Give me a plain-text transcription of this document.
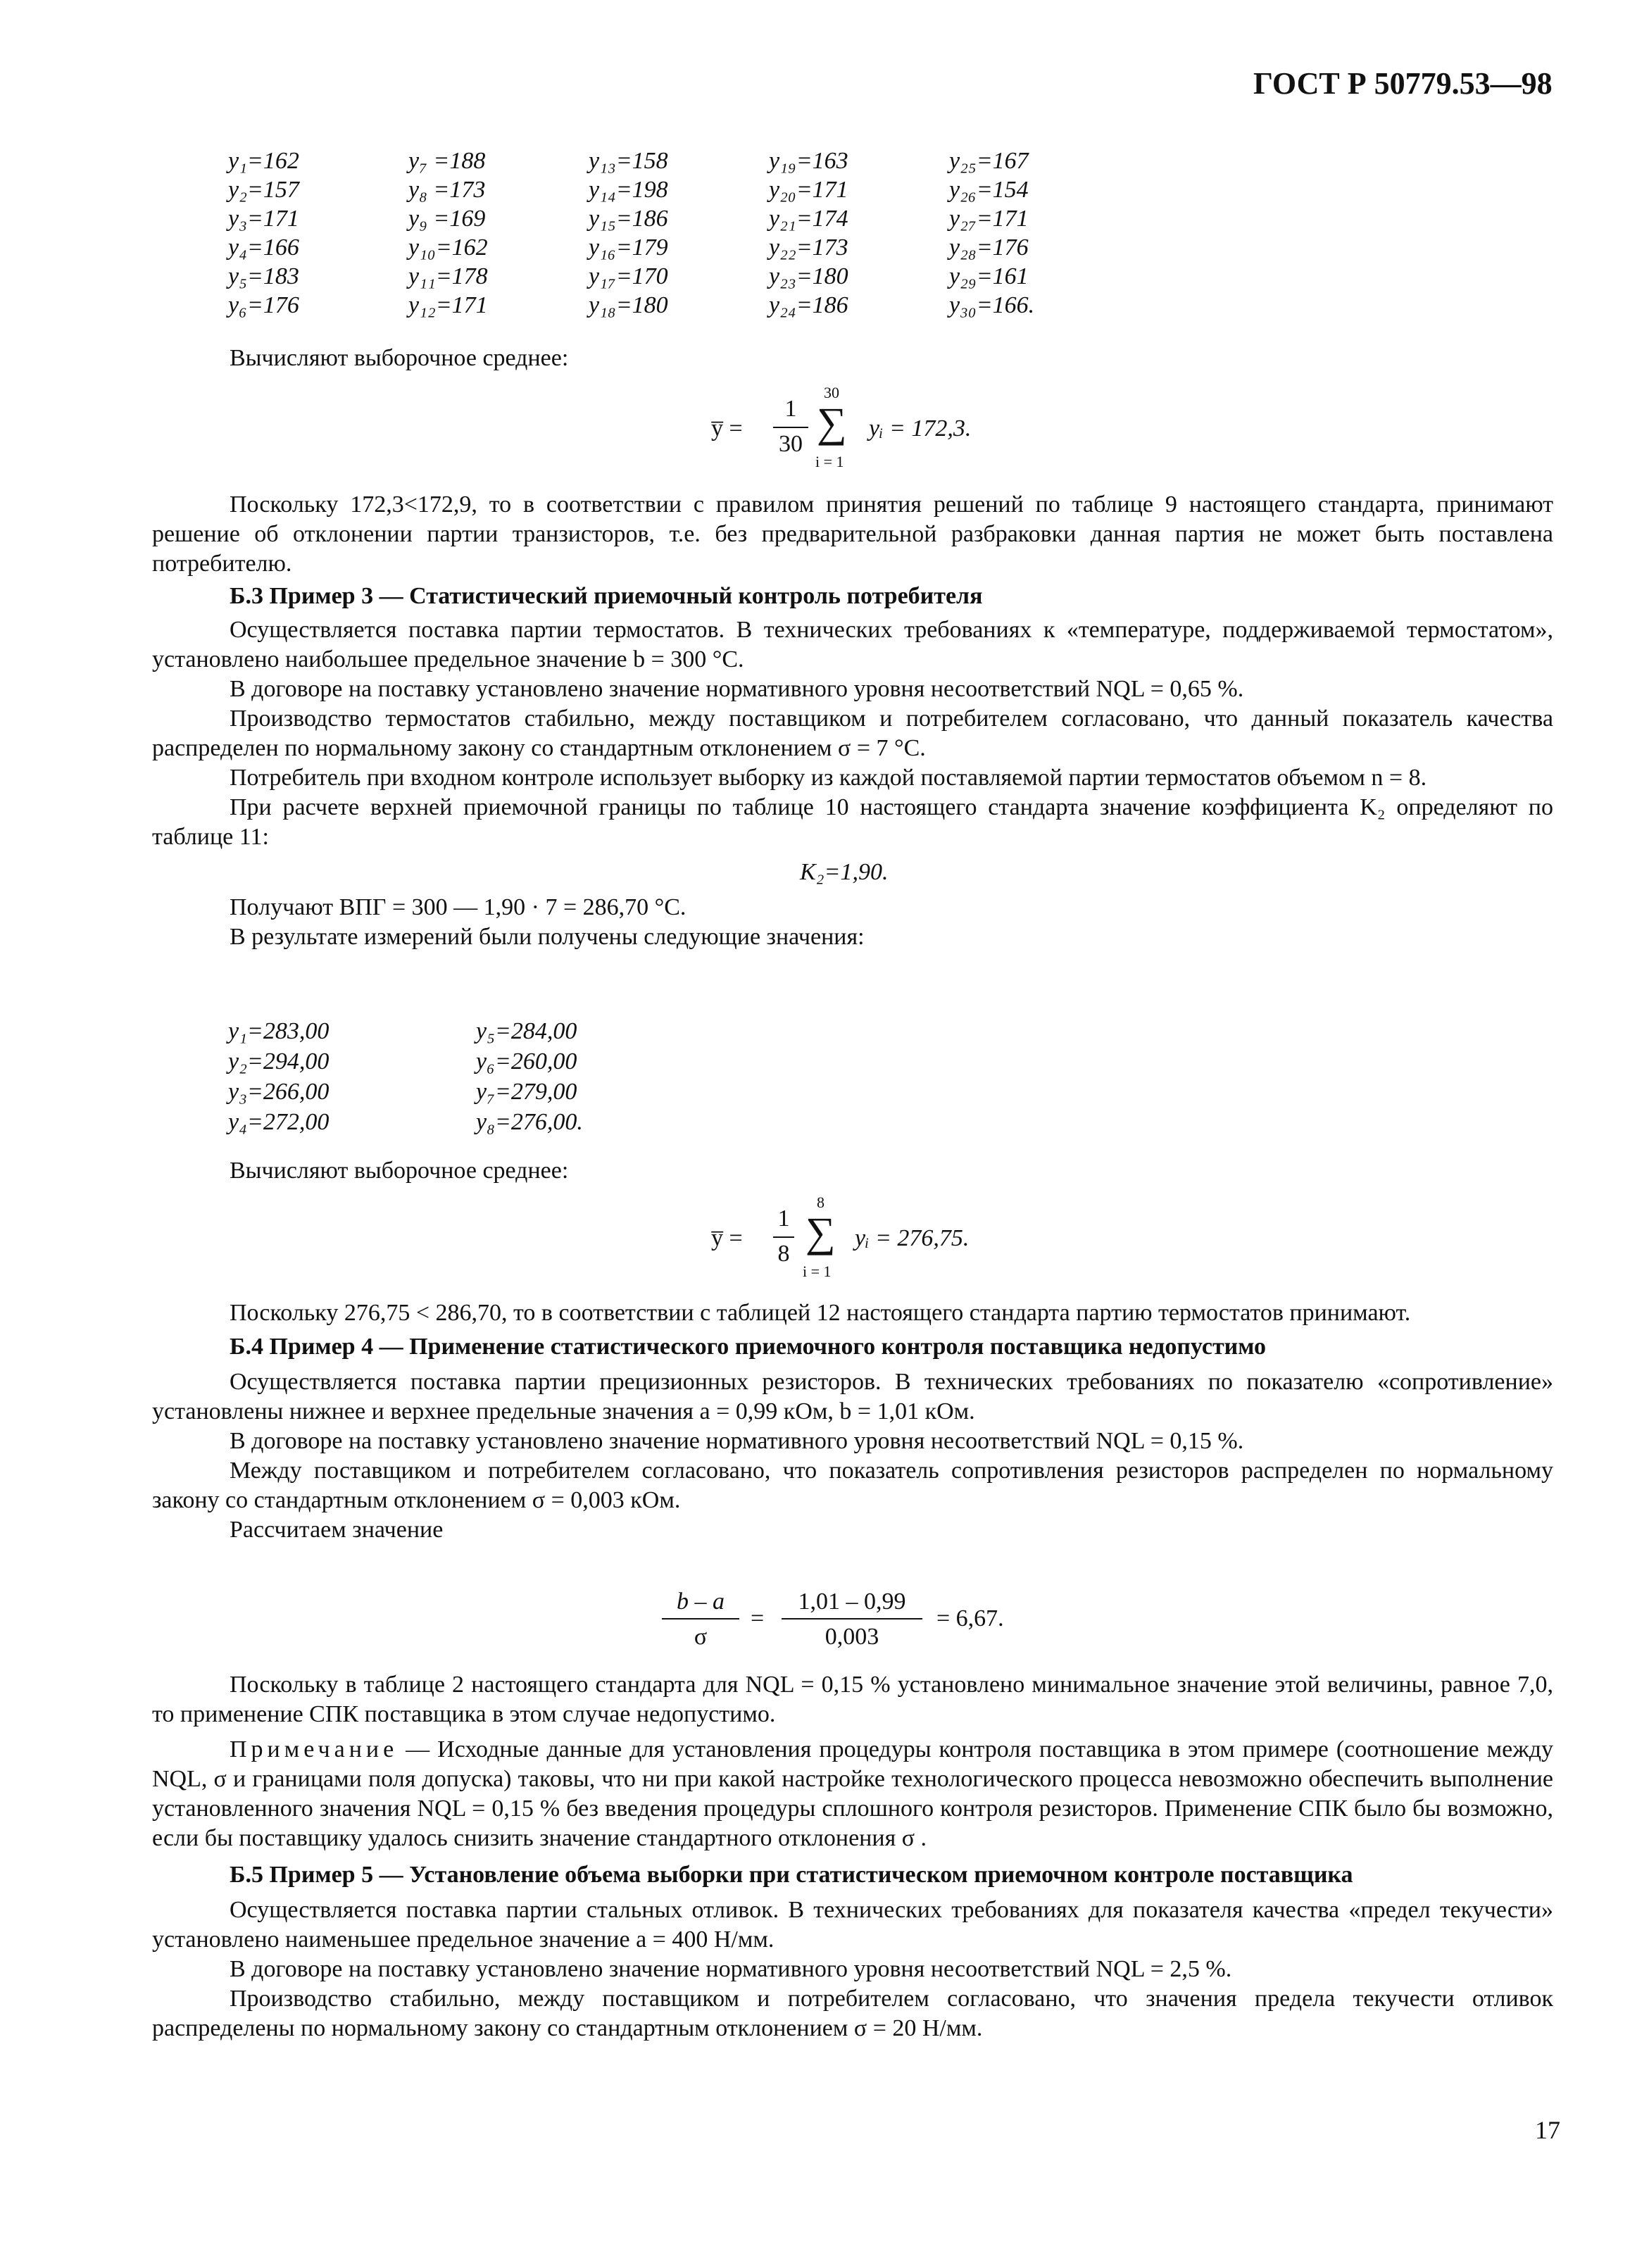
ГОСТ Р 50779.53—98
y₁=162	y₇ =188	y₁₃=158	y₁₉=163	y₂₅=167
y₂=157	y₈ =173	y₁₄=198	y₂₀=171	y₂₆=154
y₃=171	y₉ =169	y₁₅=186	y₂₁=174	y₂₇=171
y₄=166	y₁₀=162	y₁₆=179	y₂₂=173	y₂₈=176
y₅=183	y₁₁=178	y₁₇=170	y₂₃=180	y₂₉=161
y₆=176	y₁₂=171	y₁₈=180	y₂₄=186	y₃₀=166.

Вычисляют выборочное среднее:

y̅ =
1
30
30
∑
i = 1
yᵢ = 172,3.

Поскольку 172,3<172,9, то в соответствии с правилом принятия решений по таблице 9 настоящего стандарта, принимают решение об отклонении партии транзисторов, т.е. без предварительной разбраковки данная партия не может быть поставлена потребителю.

Б.3 Пример 3 — Статистический приемочный контроль потребителя

Осуществляется поставка партии термостатов. В технических требованиях к «температуре, поддерживаемой термостатом», установлено наибольшее предельное значение b = 300 °С.

В договоре на поставку установлено значение нормативного уровня несоответствий NQL = 0,65 %.

Производство термостатов стабильно, между поставщиком и потребителем согласовано, что данный показатель качества распределен по нормальному закону со стандартным отклонением σ = 7 °С.

Потребитель при входном контроле использует выборку из каждой поставляемой партии термостатов объемом n = 8.

При расчете верхней приемочной границы по таблице 10 настоящего стандарта значение коэффициента K₂ определяют по таблице 11:

K₂=1,90.

Получают ВПГ = 300 — 1,90 · 7 = 286,70 °С.

В результате измерений были получены следующие значения:

y₁=283,00	y₅=284,00
y₂=294,00	y₆=260,00
y₃=266,00	y₇=279,00
y₄=272,00	y₈=276,00.

Вычисляют выборочное среднее:

y̅ =
1
8
8
∑
i = 1
yᵢ = 276,75.

Поскольку 276,75 < 286,70, то в соответствии с таблицей 12 настоящего стандарта партию термостатов принимают.

Б.4 Пример 4 — Применение статистического приемочного контроля поставщика недопустимо

Осуществляется поставка партии прецизионных резисторов. В технических требованиях по показателю «сопротивление» установлены нижнее и верхнее предельные значения a = 0,99 кОм, b = 1,01 кОм.

В договоре на поставку установлено значение нормативного уровня несоответствий NQL = 0,15 %.

Между поставщиком и потребителем согласовано, что показатель сопротивления резисторов распределен по нормальному закону со стандартным отклонением σ = 0,003 кОм.

Рассчитаем значение

b – a
σ
=
1,01 – 0,99
0,003
= 6,67.

Поскольку в таблице 2 настоящего стандарта для NQL = 0,15 % установлено минимальное значение этой величины, равное 7,0, то применение СПК поставщика в этом случае недопустимо.

Примечание — Исходные данные для установления процедуры контроля поставщика в этом примере (соотношение между NQL, σ и границами поля допуска) таковы, что ни при какой настройке технологического процесса невозможно обеспечить выполнение установленного значения NQL = 0,15 % без введения процедуры сплошного контроля резисторов. Применение СПК было бы возможно, если бы поставщику удалось снизить значение стандартного отклонения σ .

Б.5 Пример 5 — Установление объема выборки при статистическом приемочном контроле поставщика

Осуществляется поставка партии стальных отливок. В технических требованиях для показателя качества «предел текучести» установлено наименьшее предельное значение a = 400 Н/мм.

В договоре на поставку установлено значение нормативного уровня несоответствий NQL = 2,5 %.

Производство стабильно, между поставщиком и потребителем согласовано, что значения предела текучести отливок распределены по нормальному закону со стандартным отклонением σ = 20 Н/мм.

17
